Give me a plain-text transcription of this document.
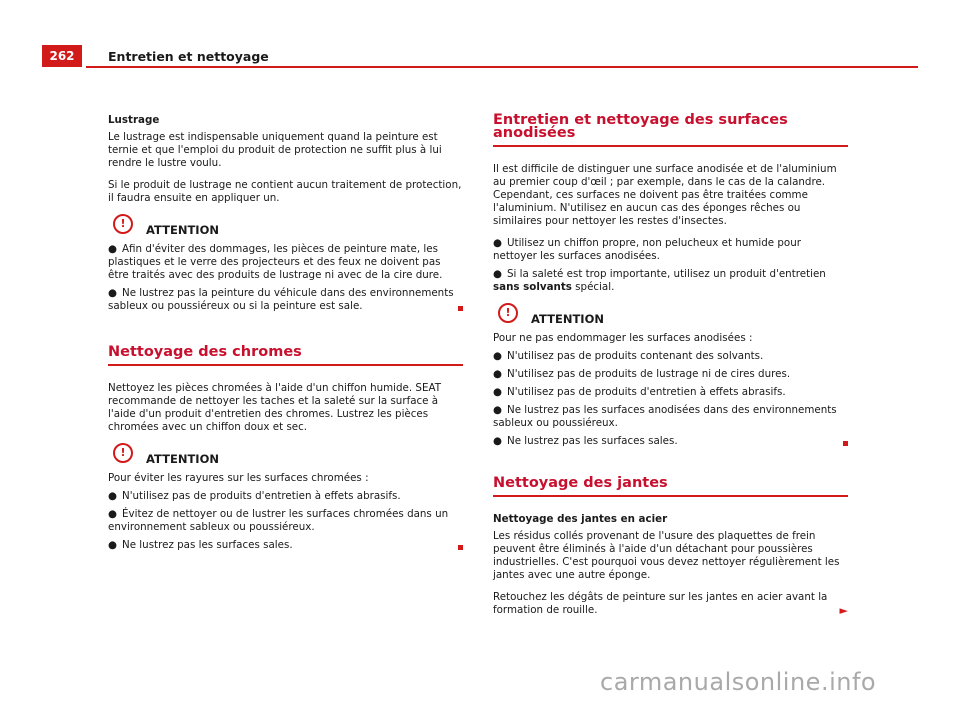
262	Entretien et nettoyage

Lustrage

Le lustrage est indispensable uniquement quand la peinture est ternie et que l'emploi du produit de protection ne suffit plus à lui rendre le lustre voulu.

Si le produit de lustrage ne contient aucun traitement de protection, il faudra ensuite en appliquer un.

!	ATTENTION

● Afin d'éviter des dommages, les pièces de peinture mate, les plastiques et le verre des projecteurs et des feux ne doivent pas être traités avec des produits de lustrage ni avec de la cire dure.

● Ne lustrez pas la peinture du véhicule dans des environnements sableux ou poussiéreux ou si la peinture est sale.

Nettoyage des chromes

Nettoyez les pièces chromées à l'aide d'un chiffon humide. SEAT recommande de nettoyer les taches et la saleté sur la surface à l'aide d'un produit d'entretien des chromes. Lustrez les pièces chromées avec un chiffon doux et sec.

!	ATTENTION

Pour éviter les rayures sur les surfaces chromées :

● N'utilisez pas de produits d'entretien à effets abrasifs.

● Évitez de nettoyer ou de lustrer les surfaces chromées dans un environnement sableux ou poussiéreux.

● Ne lustrez pas les surfaces sales.

Entretien et nettoyage des surfaces anodisées

Il est difficile de distinguer une surface anodisée et de l'aluminium au premier coup d'œil ; par exemple, dans le cas de la calandre. Cependant, ces surfaces ne doivent pas être traitées comme l'aluminium. N'utilisez en aucun cas des éponges rêches ou similaires pour nettoyer les restes d'insectes.

● Utilisez un chiffon propre, non pelucheux et humide pour nettoyer les surfaces anodisées.

● Si la saleté est trop importante, utilisez un produit d'entretien sans solvants spécial.

!	ATTENTION

Pour ne pas endommager les surfaces anodisées :

● N'utilisez pas de produits contenant des solvants.

● N'utilisez pas de produits de lustrage ni de cires dures.

● N'utilisez pas de produits d'entretien à effets abrasifs.

● Ne lustrez pas les surfaces anodisées dans des environnements sableux ou poussiéreux.

● Ne lustrez pas les surfaces sales.

Nettoyage des jantes

Nettoyage des jantes en acier

Les résidus collés provenant de l'usure des plaquettes de frein peuvent être éliminés à l'aide d'un détachant pour poussières industrielles. C'est pourquoi vous devez nettoyer régulièrement les jantes avec une autre éponge.

Retouchez les dégâts de peinture sur les jantes en acier avant la formation de rouille.	►

carmanualsonline.info
